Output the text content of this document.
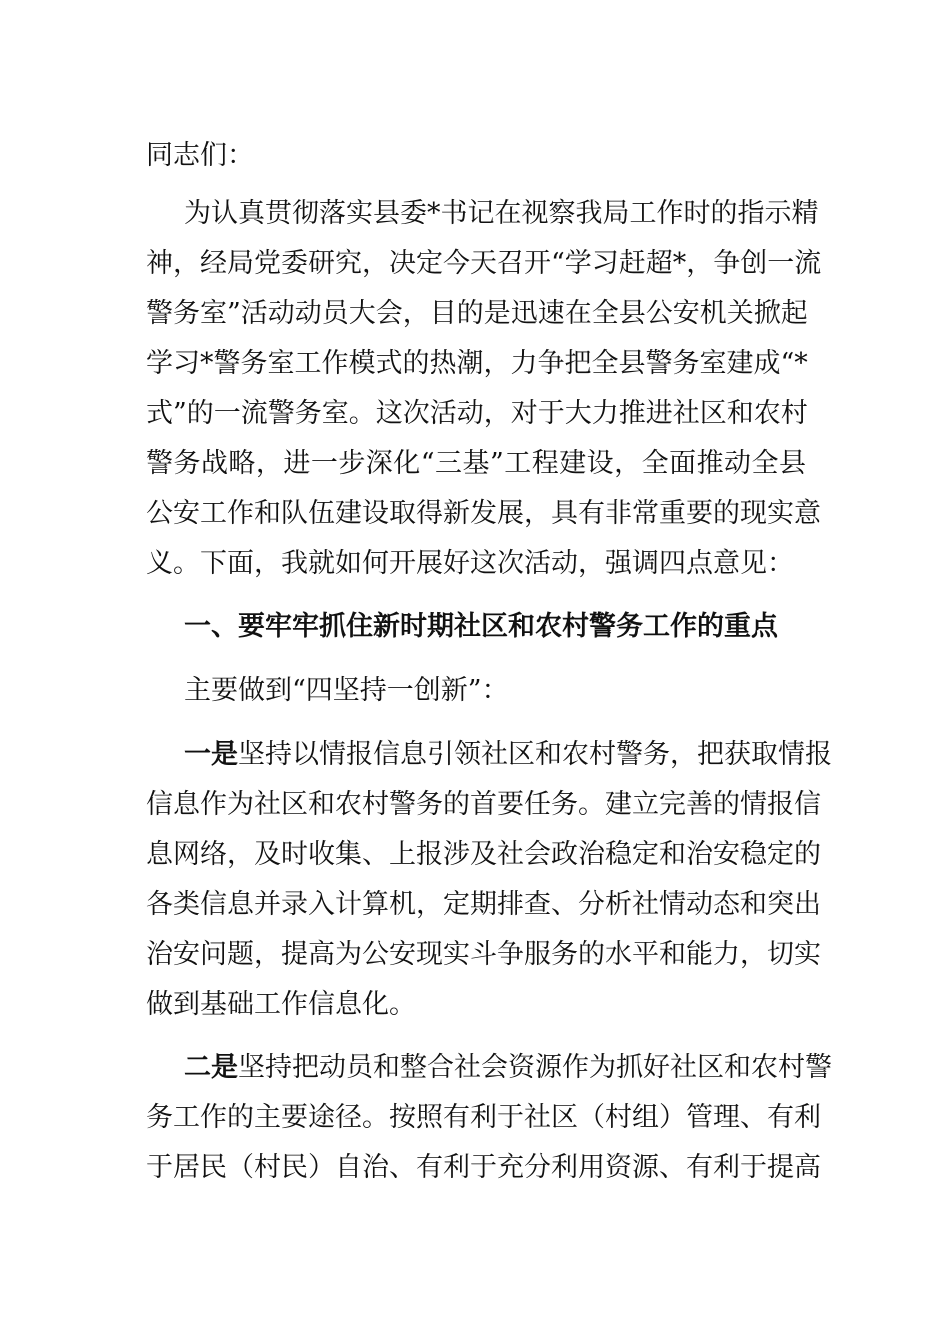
同志们：
为认真贯彻落实县委*书记在视察我局工作时的指示精
神，经局党委研究，决定今天召开“学习赶超*，争创一流
警务室”活动动员大会，目的是迅速在全县公安机关掀起
学习*警务室工作模式的热潮，力争把全县警务室建成“*
式”的一流警务室。这次活动，对于大力推进社区和农村
警务战略，进一步深化“三基”工程建设，全面推动全县
公安工作和队伍建设取得新发展，具有非常重要的现实意
义。下面，我就如何开展好这次活动，强调四点意见：
一、要牢牢抓住新时期社区和农村警务工作的重点
主要做到“四坚持一创新”：
一是坚持以情报信息引领社区和农村警务，把获取情报
信息作为社区和农村警务的首要任务。建立完善的情报信
息网络，及时收集、上报涉及社会政治稳定和治安稳定的
各类信息并录入计算机，定期排查、分析社情动态和突出
治安问题，提高为公安现实斗争服务的水平和能力，切实
做到基础工作信息化。
二是坚持把动员和整合社会资源作为抓好社区和农村警
务工作的主要途径。按照有利于社区（村组）管理、有利
于居民（村民）自治、有利于充分利用资源、有利于提高
